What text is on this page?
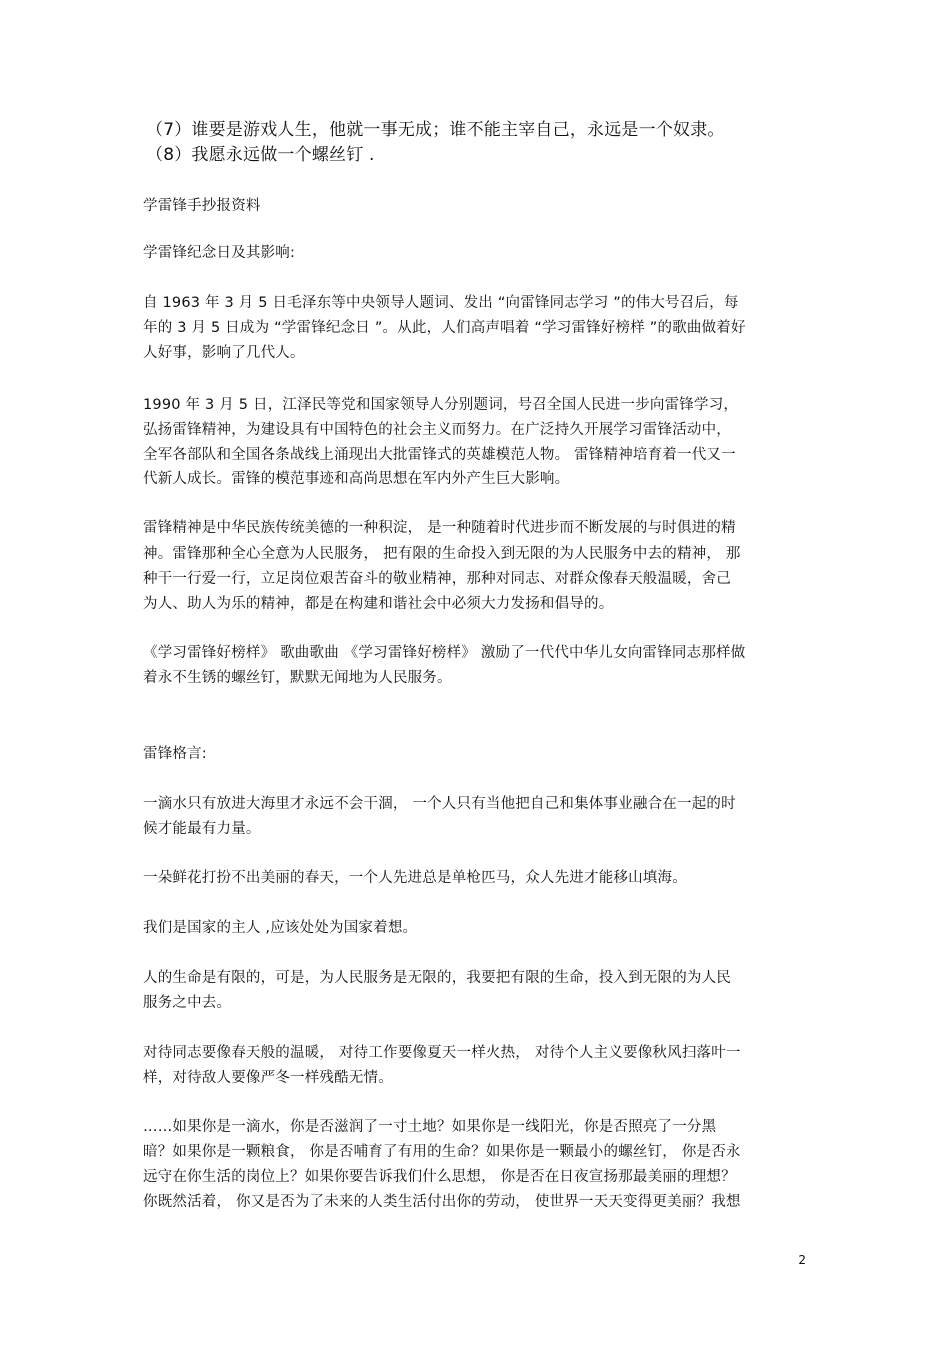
（7）谁要是游戏人生，他就一事无成；谁不能主宰自己，永远是一个奴隶。
（8）我愿永远做一个螺丝钉 .
学雷锋手抄报资料
学雷锋纪念日及其影响:
自 1963 年 3 月 5 日毛泽东等中央领导人题词、发出 “向雷锋同志学习 ”的伟大号召后，每
年的 3 月 5 日成为 “学雷锋纪念日 ”。从此，人们高声唱着 “学习雷锋好榜样 ”的歌曲做着好
人好事，影响了几代人。
1990 年 3 月 5 日，江泽民等党和国家领导人分别题词，号召全国人民进一步向雷锋学习，
弘扬雷锋精神，为建设具有中国特色的社会主义而努力。在广泛持久开展学习雷锋活动中，
全军各部队和全国各条战线上涌现出大批雷锋式的英雄模范人物。 雷锋精神培育着一代又一
代新人成长。雷锋的模范事迹和高尚思想在军内外产生巨大影响。
雷锋精神是中华民族传统美德的一种积淀， 是一种随着时代进步而不断发展的与时俱进的精
神。雷锋那种全心全意为人民服务， 把有限的生命投入到无限的为人民服务中去的精神， 那
种干一行爱一行，立足岗位艰苦奋斗的敬业精神，那种对同志、对群众像春天般温暖，舍己
为人、助人为乐的精神，都是在构建和谐社会中必须大力发扬和倡导的。
《学习雷锋好榜样》 歌曲歌曲 《学习雷锋好榜样》 激励了一代代中华儿女向雷锋同志那样做
着永不生锈的螺丝钉，默默无闻地为人民服务。
雷锋格言:
一滴水只有放进大海里才永远不会干涸， 一个人只有当他把自己和集体事业融合在一起的时
候才能最有力量。
一朵鲜花打扮不出美丽的春天，一个人先进总是单枪匹马，众人先进才能移山填海。
我们是国家的主人 ,应该处处为国家着想。
人的生命是有限的，可是，为人民服务是无限的，我要把有限的生命，投入到无限的为人民
服务之中去。
对待同志要像春天般的温暖， 对待工作要像夏天一样火热， 对待个人主义要像秋风扫落叶一
样，对待敌人要像严冬一样残酷无情。
……如果你是一滴水，你是否滋润了一寸土地？如果你是一线阳光，你是否照亮了一分黑
暗？如果你是一颗粮食， 你是否哺育了有用的生命？如果你是一颗最小的螺丝钉， 你是否永
远守在你生活的岗位上？如果你要告诉我们什么思想， 你是否在日夜宣扬那最美丽的理想？
你既然活着， 你又是否为了未来的人类生活付出你的劳动， 使世界一天天变得更美丽？我想
2
